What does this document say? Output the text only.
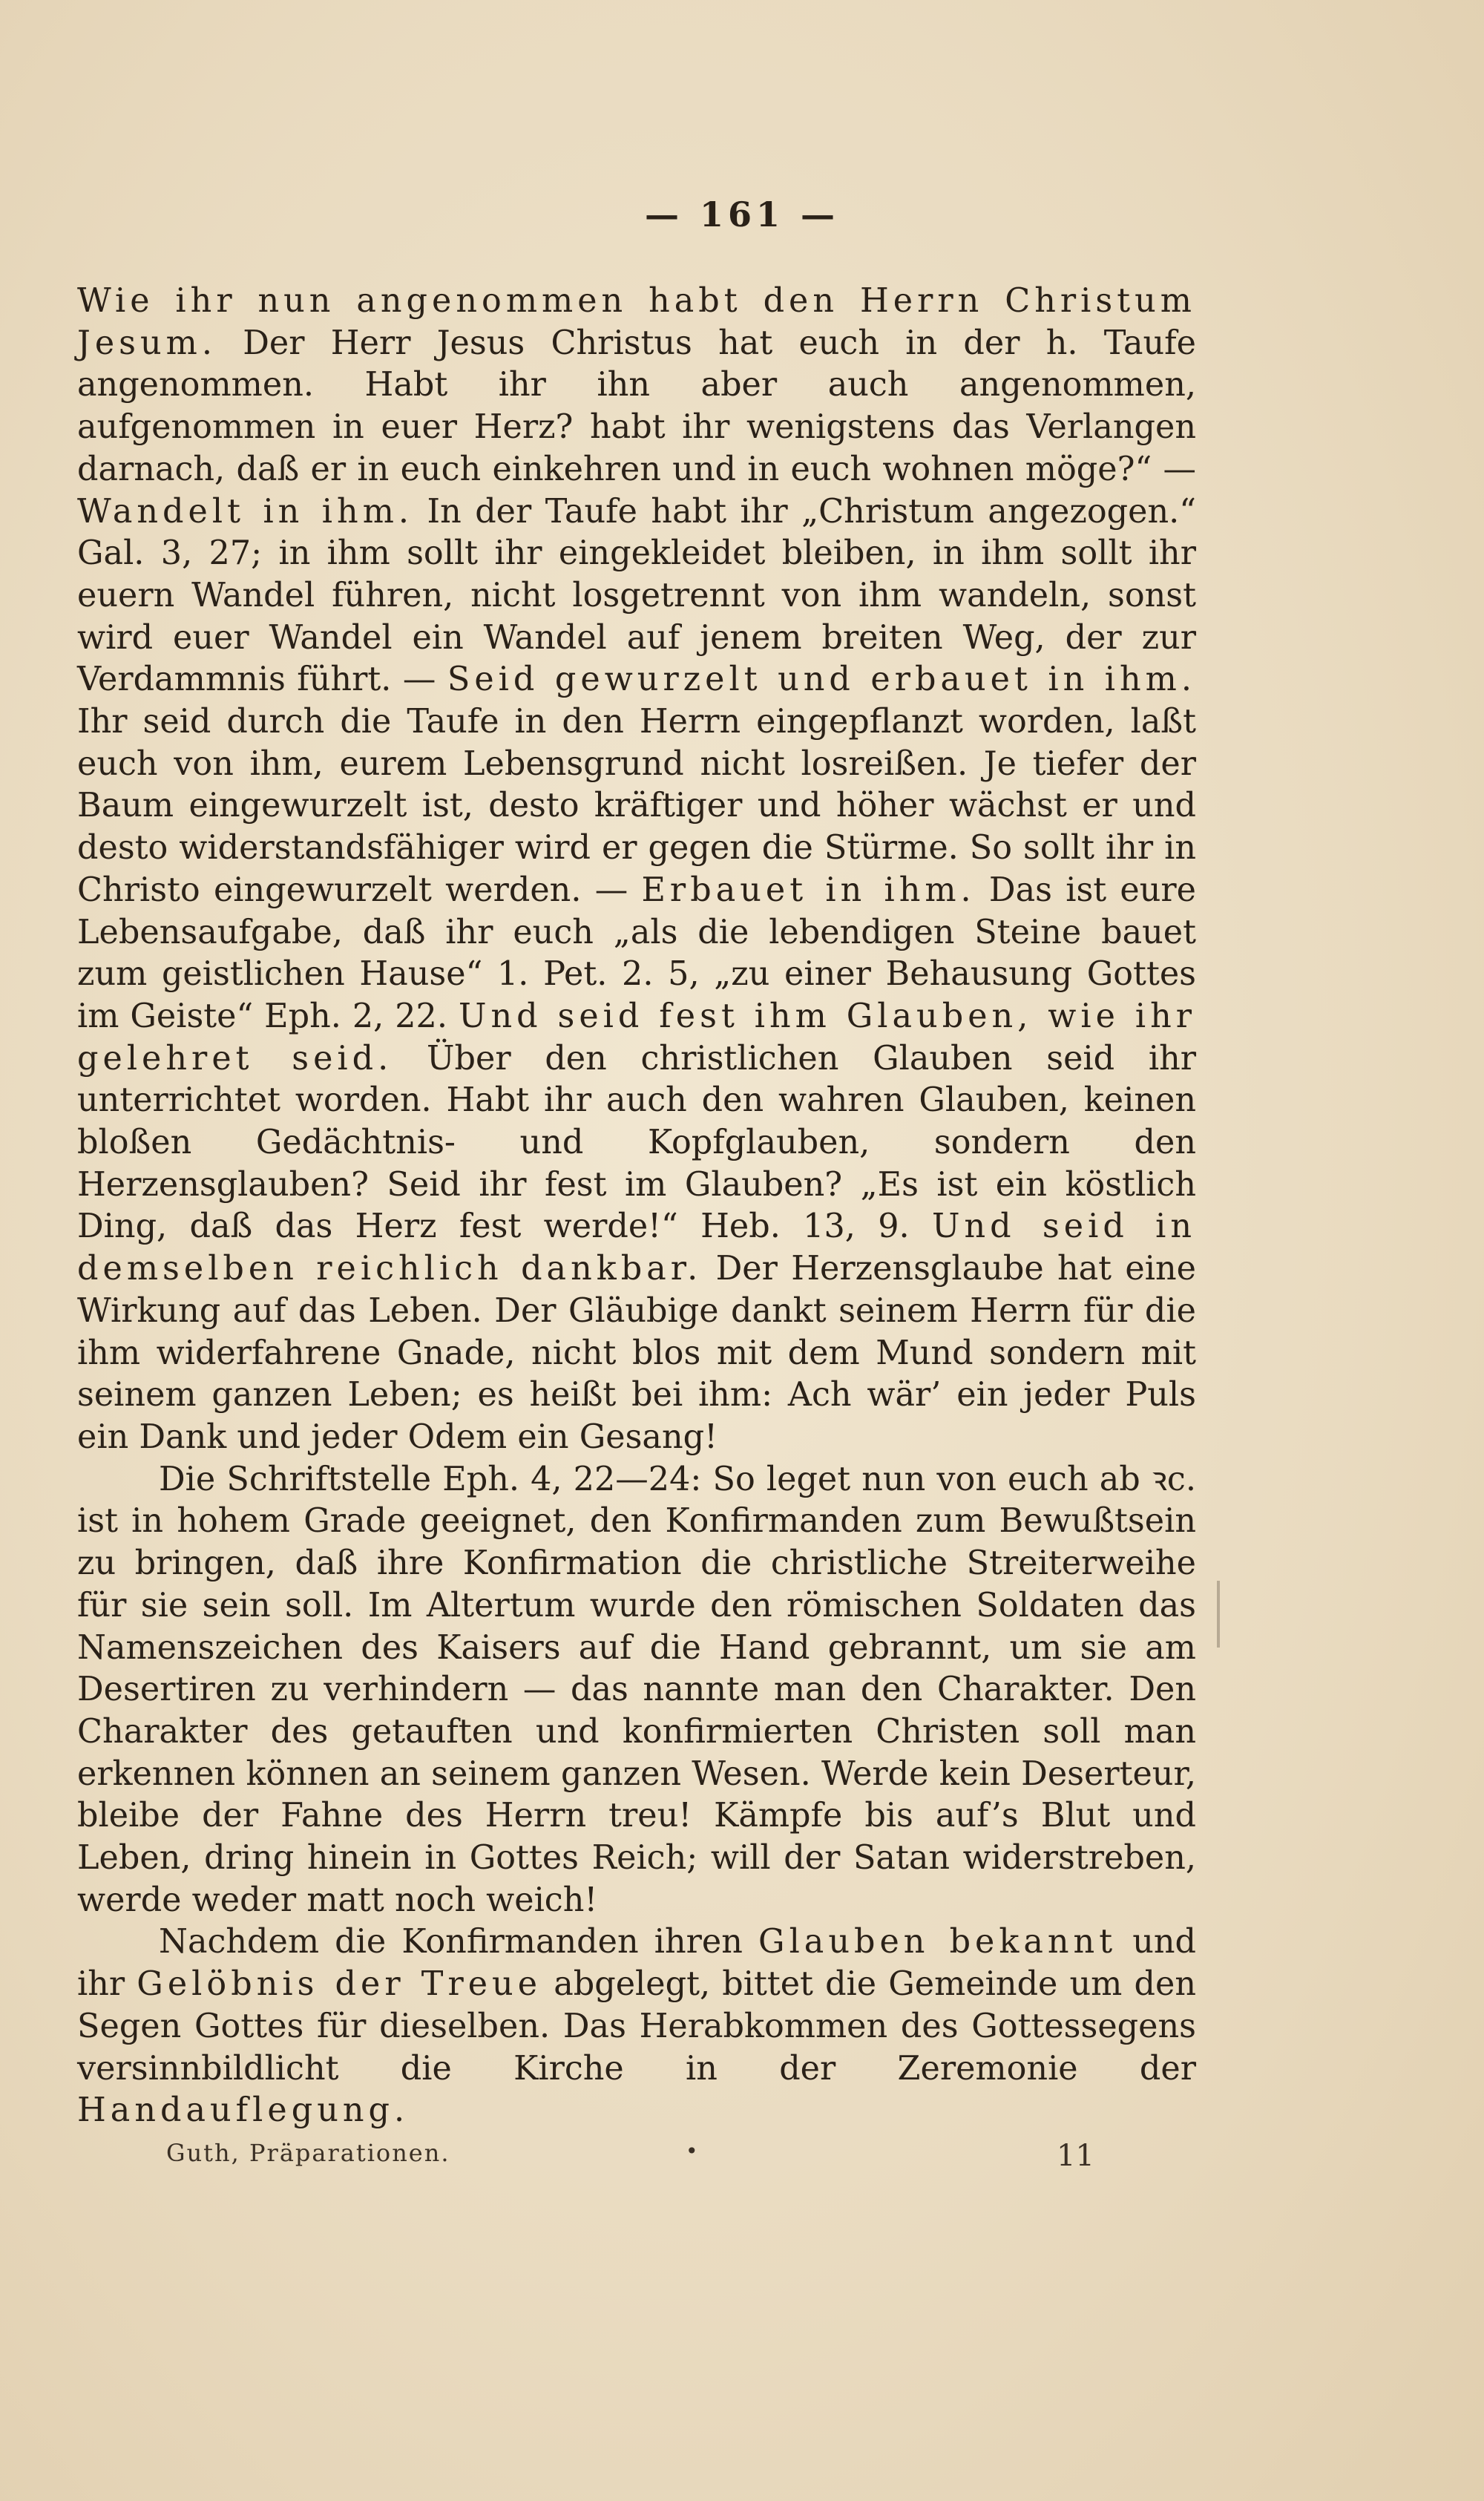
— 161 —

Wie ihr nun angenommen habt den Herrn Christum Jesum. Der Herr Jesus Christus hat euch in der h. Taufe angenommen. Habt ihr ihn aber auch angenommen, aufgenommen in euer Herz? habt ihr wenigstens das Verlangen darnach, daß er in euch einkehren und in euch wohnen möge?“ — Wandelt in ihm. In der Taufe habt ihr „Christum angezogen.“ Gal. 3, 27; in ihm sollt ihr eingekleidet bleiben, in ihm sollt ihr euern Wandel führen, nicht losgetrennt von ihm wandeln, sonst wird euer Wandel ein Wandel auf jenem breiten Weg, der zur Verdammnis führt. — Seid gewurzelt und erbauet in ihm. Ihr seid durch die Taufe in den Herrn eingepflanzt worden, laßt euch von ihm, eurem Lebensgrund nicht losreißen. Je tiefer der Baum eingewurzelt ist, desto kräftiger und höher wächst er und desto widerstandsfähiger wird er gegen die Stürme. So sollt ihr in Christo eingewurzelt werden. — Erbauet in ihm. Das ist eure Lebensaufgabe, daß ihr euch „als die lebendigen Steine bauet zum geistlichen Hause“ 1. Pet. 2. 5, „zu einer Behausung Gottes im Geiste“ Eph. 2, 22. Und seid fest ihm Glauben, wie ihr gelehret seid. Über den christlichen Glauben seid ihr unterrichtet worden. Habt ihr auch den wahren Glauben, keinen bloßen Gedächtnis- und Kopfglauben, sondern den Herzensglauben? Seid ihr fest im Glauben? „Es ist ein köstlich Ding, daß das Herz fest werde!“ Heb. 13, 9. Und seid in demselben reichlich dankbar. Der Herzensglaube hat eine Wirkung auf das Leben. Der Gläubige dankt seinem Herrn für die ihm widerfahrene Gnade, nicht blos mit dem Mund sondern mit seinem ganzen Leben; es heißt bei ihm: Ach wär’ ein jeder Puls ein Dank und jeder Odem ein Gesang!

Die Schriftstelle Eph. 4, 22—24: So leget nun von euch ab ꝛc. ist in hohem Grade geeignet, den Konfirmanden zum Bewußtsein zu bringen, daß ihre Konfirmation die christliche Streiterweihe für sie sein soll. Im Altertum wurde den römischen Soldaten das Namenszeichen des Kaisers auf die Hand gebrannt, um sie am Desertiren zu verhindern — das nannte man den Charakter. Den Charakter des getauften und konfirmierten Christen soll man erkennen können an seinem ganzen Wesen. Werde kein Deserteur, bleibe der Fahne des Herrn treu! Kämpfe bis auf’s Blut und Leben, dring hinein in Gottes Reich; will der Satan widerstreben, werde weder matt noch weich!

Nachdem die Konfirmanden ihren Glauben bekannt und ihr Gelöbnis der Treue abgelegt, bittet die Gemeinde um den Segen Gottes für dieselben. Das Herabkommen des Gottessegens versinnbildlicht die Kirche in der Zeremonie der Handauflegung.

Guth, Präparationen.	•	11
